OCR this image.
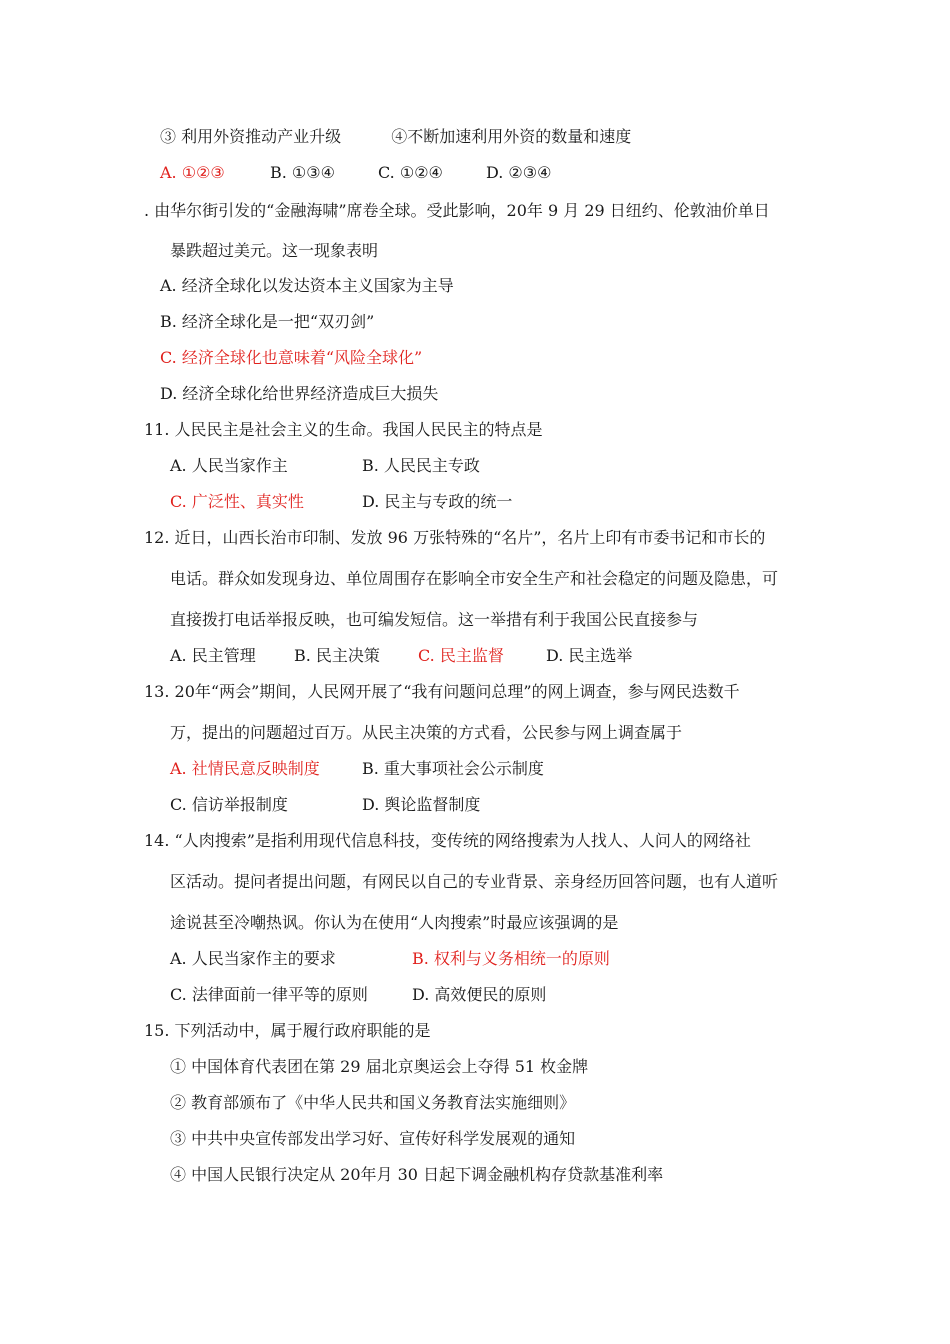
③ 利用外资推动产业升级	④不断加速利用外资的数量和速度
A. ①②③	B. ①③④	C. ①②④	D. ②③④
. 由华尔街引发的“金融海啸”席卷全球。受此影响，20年 9 月 29 日纽约、伦敦油价单日
暴跌超过美元。这一现象表明
A. 经济全球化以发达资本主义国家为主导
B. 经济全球化是一把“双刃剑”
C. 经济全球化也意味着“风险全球化”
D. 经济全球化给世界经济造成巨大损失
11. 人民民主是社会主义的生命。我国人民民主的特点是
A. 人民当家作主	B. 人民民主专政
C. 广泛性、真实性	D. 民主与专政的统一
12. 近日，山西长治市印制、发放 96 万张特殊的“名片”，名片上印有市委书记和市长的
电话。群众如发现身边、单位周围存在影响全市安全生产和社会稳定的问题及隐患，可
直接拨打电话举报反映，也可编发短信。这一举措有利于我国公民直接参与
A. 民主管理 B. 民主决策 C. 民主监督	D. 民主选举
13. 20年“两会”期间，人民网开展了“我有问题问总理”的网上调查，参与网民迭数千
万，提出的问题超过百万。从民主决策的方式看，公民参与网上调查属于
A. 社情民意反映制度	B. 重大事项社会公示制度
C. 信访举报制度	D. 舆论监督制度
14. “人肉搜索”是指利用现代信息科技，变传统的网络搜索为人找人、人问人的网络社
区活动。提问者提出问题，有网民以自己的专业背景、亲身经历回答问题，也有人道听
途说甚至冷嘲热讽。你认为在使用“人肉搜索”时最应该强调的是
A. 人民当家作主的要求	B. 权利与义务相统一的原则
C. 法律面前一律平等的原则	D. 高效便民的原则
15. 下列活动中，属于履行政府职能的是
① 中国体育代表团在第 29 届北京奥运会上夺得 51 枚金牌
② 教育部颁布了《中华人民共和国义务教育法实施细则》
③ 中共中央宣传部发出学习好、宣传好科学发展观的通知
④ 中国人民银行决定从 20年月 30 日起下调金融机构存贷款基准利率
